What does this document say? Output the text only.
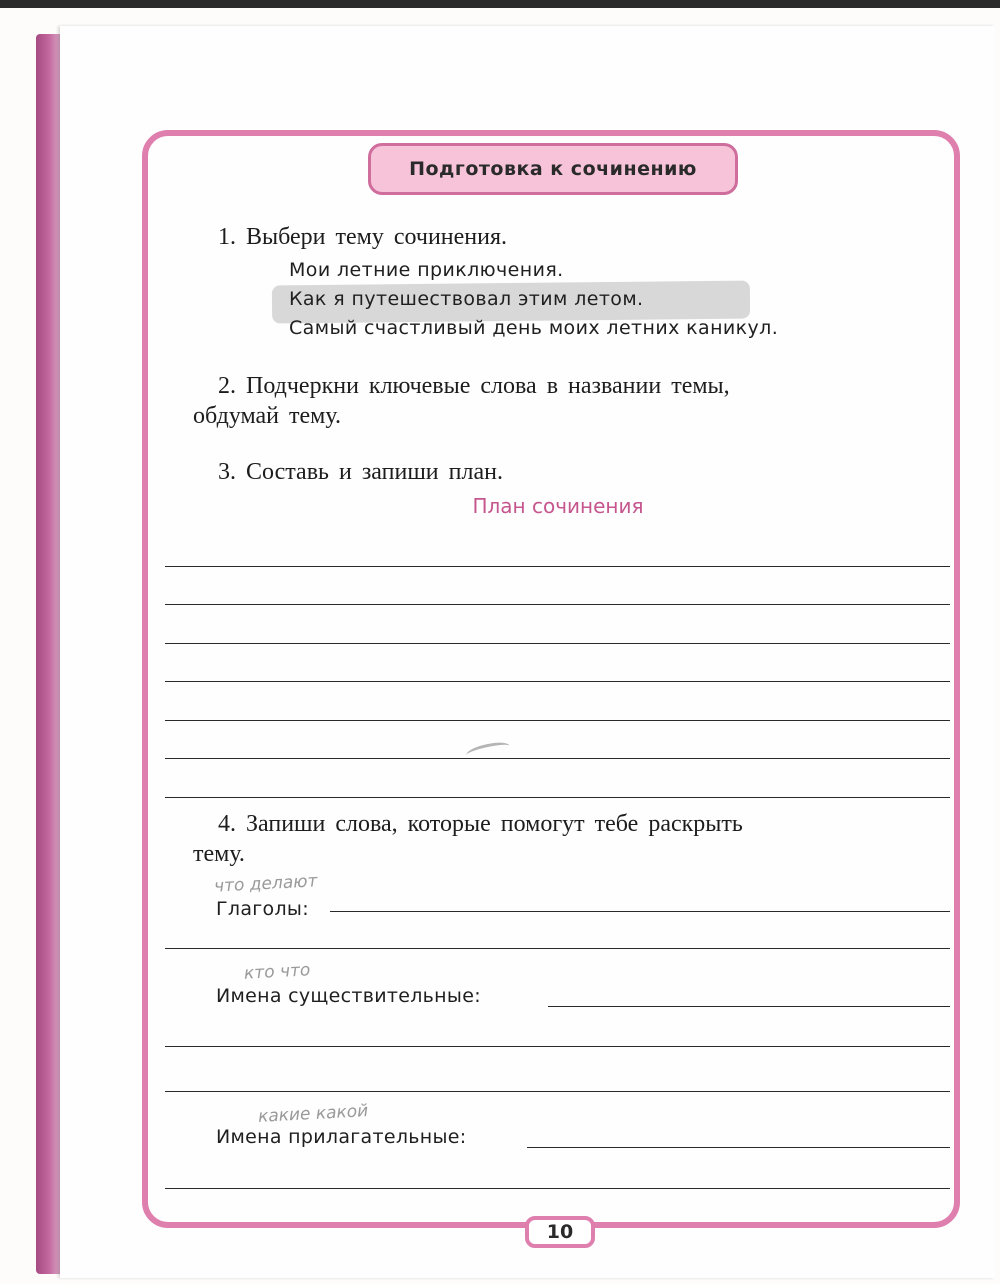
Подготовка к сочинению
1. Выбери тему сочинения.
Мои летние приключения.
Как я путешествовал этим летом.
Самый счастливый день моих летних каникул.
2. Подчеркни ключевые слова в названии темы,
обдумай тему.
3. Составь и запиши план.
План сочинения
4. Запиши слова, которые помогут тебе раскрыть
тему.
что делают
Глаголы:
кто что
Имена существительные:
какие какой
Имена прилагательные:
10
